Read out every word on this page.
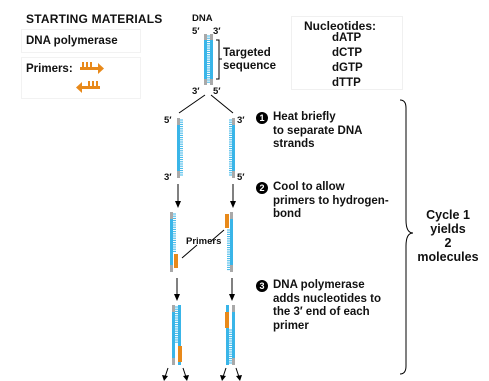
STARTING MATERIALS
DNA polymerase
Primers:
DNA
5′ 3′
3′ 5′
Targeted
sequence
Nucleotides:
dATP
dCTP
dGTP
dTTP
5′	3′
3′	5′
Primers
1 Heat briefly
to separate DNA
strands
2 Cool to allow
primers to hydrogen-
bond
3 DNA polymerase
adds nucleotides to
the 3′ end of each
primer
Cycle 1
yields
2
molecules
